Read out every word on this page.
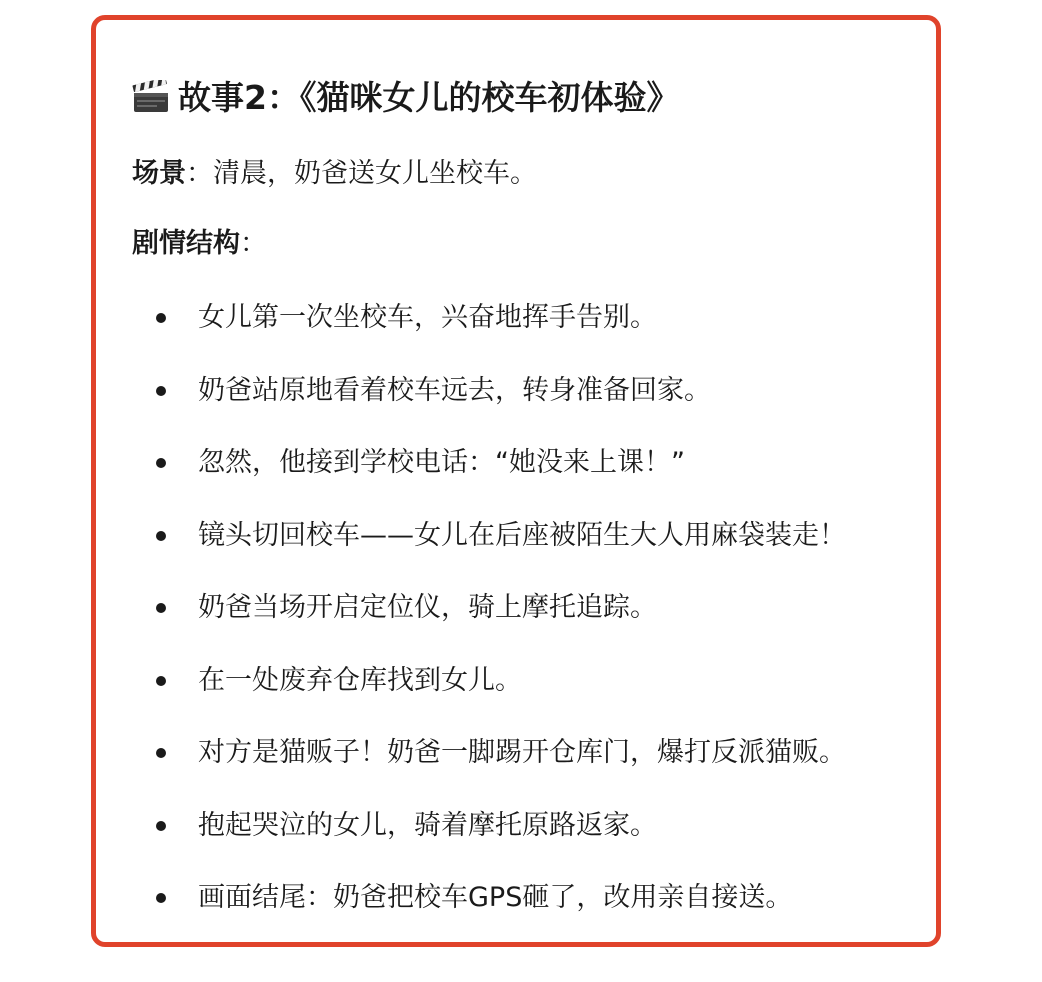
故事2：《猫咪女儿的校车初体验》
场景：清晨，奶爸送女儿坐校车。
剧情结构：
女儿第一次坐校车，兴奋地挥手告别。
奶爸站原地看着校车远去，转身准备回家。
忽然，他接到学校电话：“她没来上课！”
镜头切回校车——女儿在后座被陌生大人用麻袋装走！
奶爸当场开启定位仪，骑上摩托追踪。
在一处废弃仓库找到女儿。
对方是猫贩子！奶爸一脚踢开仓库门，爆打反派猫贩。
抱起哭泣的女儿，骑着摩托原路返家。
画面结尾：奶爸把校车GPS砸了，改用亲自接送。
